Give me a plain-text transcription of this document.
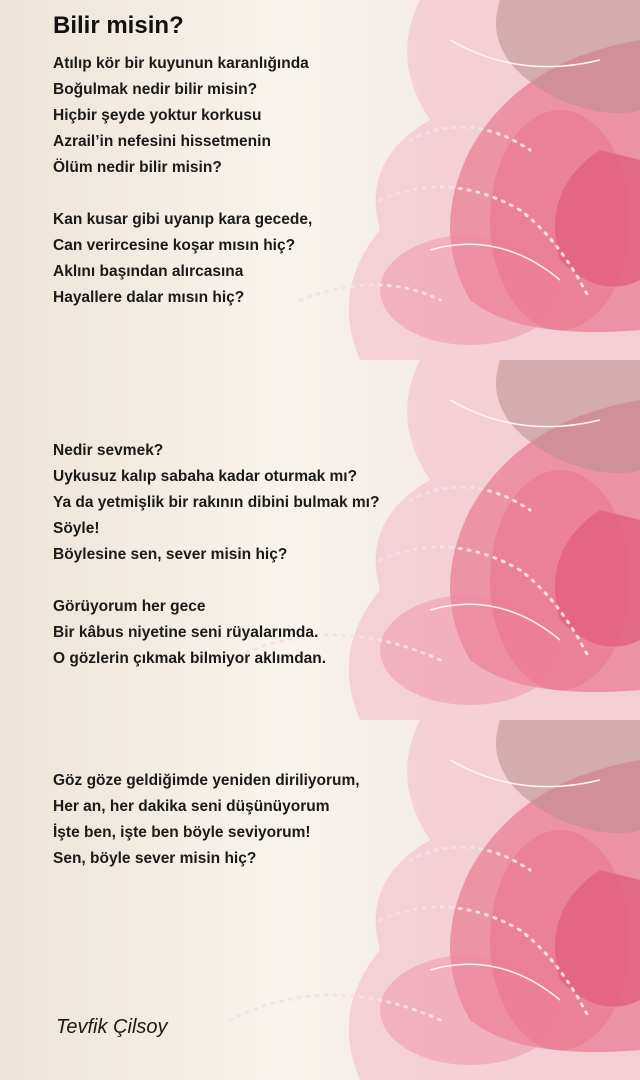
Bilir misin?
Atılıp kör bir kuyunun karanlığında
Boğulmak nedir bilir misin?
Hiçbir şeyde yoktur korkusu
Azrail’in nefesini hissetmenin
Ölüm nedir bilir misin?
Kan kusar gibi uyanıp kara gecede,
Can verircesine koşar mısın hiç?
Aklını başından alırcasına
Hayallere dalar mısın hiç?
Nedir sevmek?
Uykusuz kalıp sabaha kadar oturmak mı?
Ya da yetmişlik bir rakının dibini bulmak mı?
Söyle!
Böylesine sen, sever misin hiç?
Görüyorum her gece
Bir kâbus niyetine seni rüyalarımda.
O gözlerin çıkmak bilmiyor aklımdan.
Göz göze geldiğimde yeniden diriliyorum,
Her an, her dakika seni düşünüyorum
İşte ben, işte ben böyle seviyorum!
Sen, böyle sever misin hiç?
Tevfik Çilsoy
